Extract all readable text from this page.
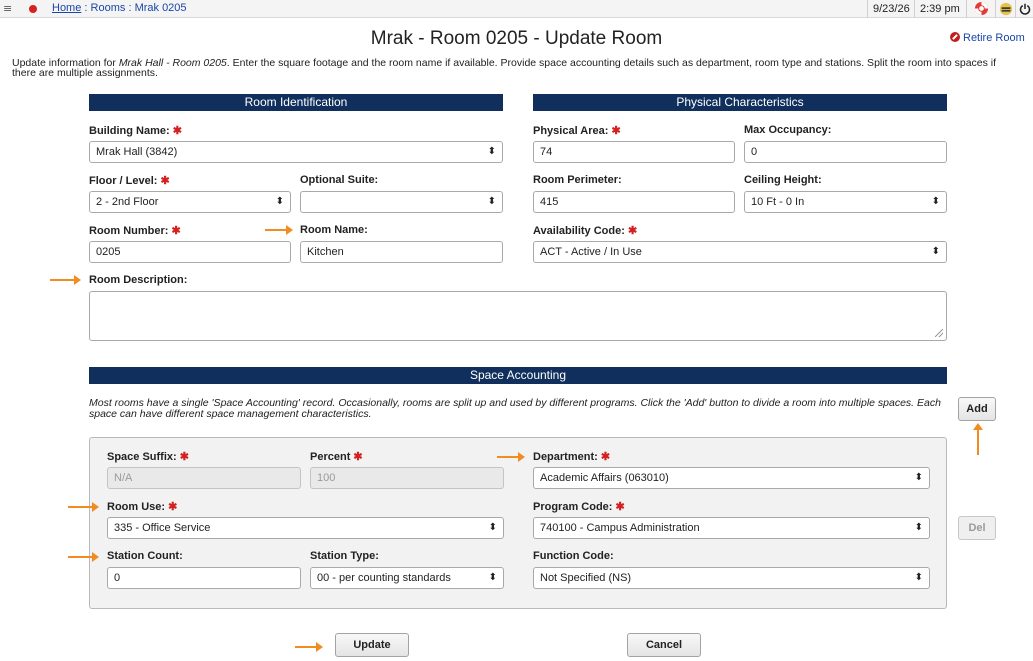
≡	Home : Rooms : Mrak 0205	9/23/26 2:39 pm
Mrak - Room 0205 - Update Room	Retire Room
Update information for Mrak Hall - Room 0205. Enter the square footage and the room name if available. Provide space accounting details such as department, room type and stations. Split the room into spaces if there are multiple assignments.
Room Identification
Building Name: ✱
Mrak Hall (3842) ⬍
Floor / Level: ✱
2 - 2nd Floor ⬍
Optional Suite:
⬍
Room Number: ✱
0205
Room Name:
Kitchen
Room Description:
Physical Characteristics
Physical Area: ✱
74
Max Occupancy:
0
Room Perimeter:
415
Ceiling Height:
10 Ft - 0 In ⬍
Availability Code: ✱
ACT - Active / In Use ⬍
Space Accounting
Most rooms have a single 'Space Accounting' record. Occasionally, rooms are split up and used by different programs. Click the 'Add' button to divide a room into multiple spaces. Each space can have different space management characteristics.	Add
Space Suffix: ✱
N/A
Percent ✱
100
Department: ✱
Academic Affairs (063010) ⬍
Room Use: ✱
335 - Office Service ⬍
Program Code: ✱
740100 - Campus Administration ⬍	Del
Station Count:
0
Station Type:
00 - per counting standards ⬍
Function Code:
Not Specified (NS) ⬍
Update	Cancel
